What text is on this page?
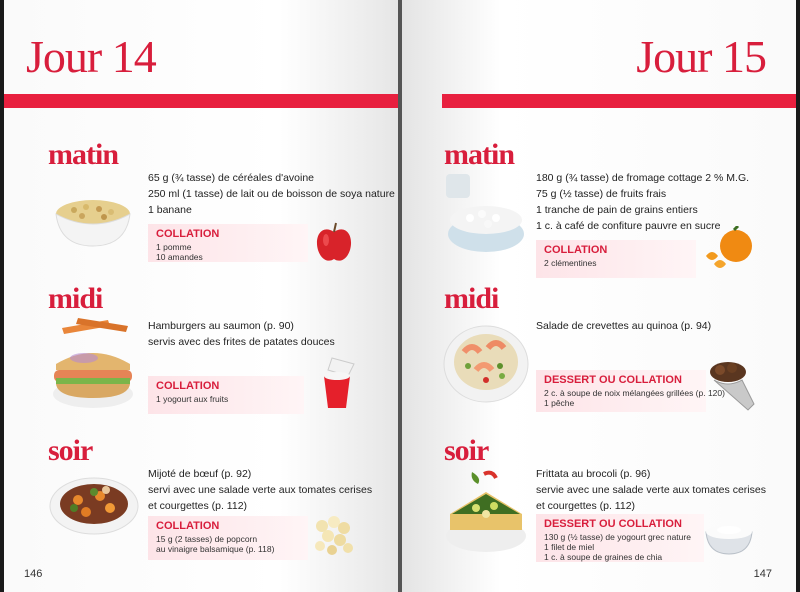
Jour 14
matin
65 g (¾ tasse) de céréales d'avoine
250 ml (1 tasse) de lait ou de boisson de soya nature
1 banane
COLLATION
1 pomme
10 amandes
midi
Hamburgers au saumon (p. 90)
servis avec des frites de patates douces
COLLATION
1 yogourt aux fruits
soir
Mijoté de bœuf (p. 92)
servi avec une salade verte aux tomates cerises
et courgettes (p. 112)
COLLATION
15 g (2 tasses) de popcorn
au vinaigre balsamique (p. 118)
146
Jour 15
matin
180 g (¾ tasse) de fromage cottage 2 % M.G.
75 g (½ tasse) de fruits frais
1 tranche de pain de grains entiers
1 c. à café de confiture pauvre en sucre
COLLATION
2 clémentines
midi
Salade de crevettes au quinoa (p. 94)
DESSERT OU COLLATION
2 c. à soupe de noix mélangées grillées (p. 120)
1 pêche
soir
Frittata au brocoli (p. 96)
servie avec une salade verte aux tomates cerises
et courgettes (p. 112)
DESSERT OU COLLATION
130 g (½ tasse) de yogourt grec nature
1 filet de miel
1 c. à soupe de graines de chia
147
